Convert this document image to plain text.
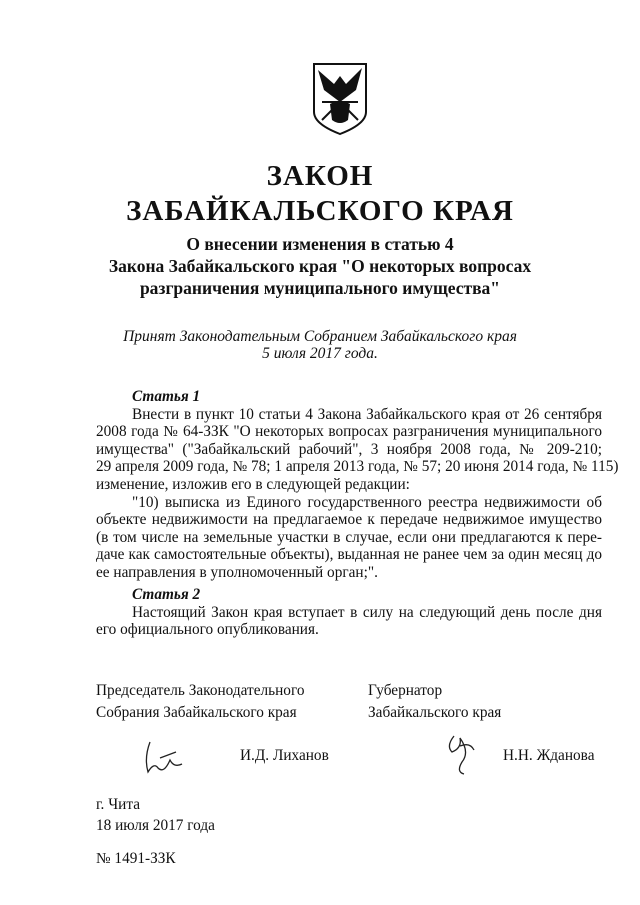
ЗАКОН
ЗАБАЙКАЛЬСКОГО КРАЯ
О внесении изменения в статью 4
Закона Забайкальского края "О некоторых вопросах
разграничения муниципального имущества"
Принят Законодательным Собранием Забайкальского края
5 июля 2017 года.
Статья 1
Внести в пункт 10 статьи 4 Закона Забайкальского края от 26 сентября
2008 года № 64-ЗЗК "О некоторых вопросах разграничения муниципального
имущества" ("Забайкальский рабочий", 3 ноября 2008 года, № 209-210;
29 апреля 2009 года, № 78; 1 апреля 2013 года, № 57; 20 июня 2014 года, № 115)
изменение, изложив его в следующей редакции:
"10) выписка из Единого государственного реестра недвижимости об
объекте недвижимости на предлагаемое к передаче недвижимое имущество
(в том числе на земельные участки в случае, если они предлагаются к пере-
даче как самостоятельные объекты), выданная не ранее чем за один месяц до
ее направления в уполномоченный орган;".
Статья 2
Настоящий Закон края вступает в силу на следующий день после дня
его официального опубликования.
Председатель Законодательного
Собрания Забайкальского края
Губернатор
Забайкальского края
И.Д. Лиханов	Н.Н. Жданова
г. Чита
18 июля 2017 года
№ 1491-ЗЗК
